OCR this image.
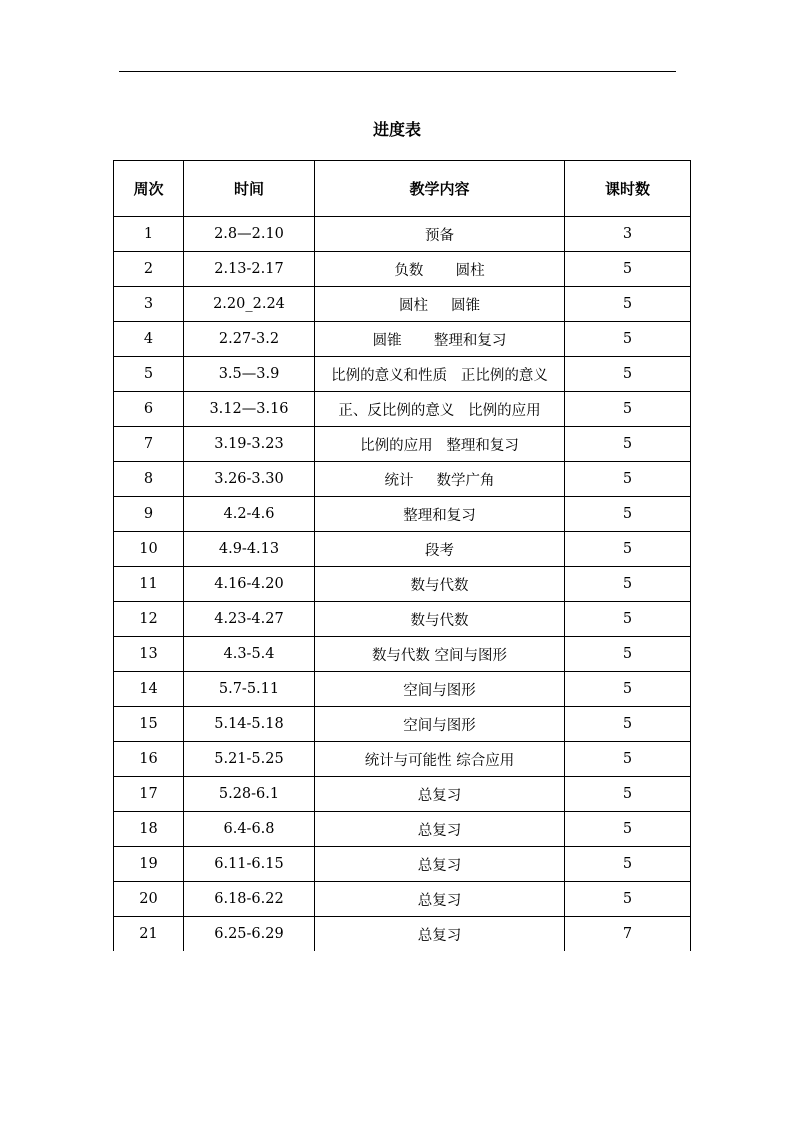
进度表
周次	时间	教学内容	课时数
1	2.8—2.10	预备	3
2	2.13-2.17	负数       圆柱	5
3	2.20_2.24	圆柱     圆锥	5
4	2.27-3.2	圆锥       整理和复习	5
5	3.5—3.9	比例的意义和性质   正比例的意义	5
6	3.12—3.16	正、反比例的意义   比例的应用	5
7	3.19-3.23	比例的应用   整理和复习	5
8	3.26-3.30	统计     数学广角	5
9	4.2-4.6	整理和复习	5
10	4.9-4.13	段考	5
11	4.16-4.20	数与代数	5
12	4.23-4.27	数与代数	5
13	4.3-5.4	数与代数 空间与图形	5
14	5.7-5.11	空间与图形	5
15	5.14-5.18	空间与图形	5
16	5.21-5.25	统计与可能性 综合应用	5
17	5.28-6.1	总复习	5
18	6.4-6.8	总复习	5
19	6.11-6.15	总复习	5
20	6.18-6.22	总复习	5
21	6.25-6.29	总复习	7
